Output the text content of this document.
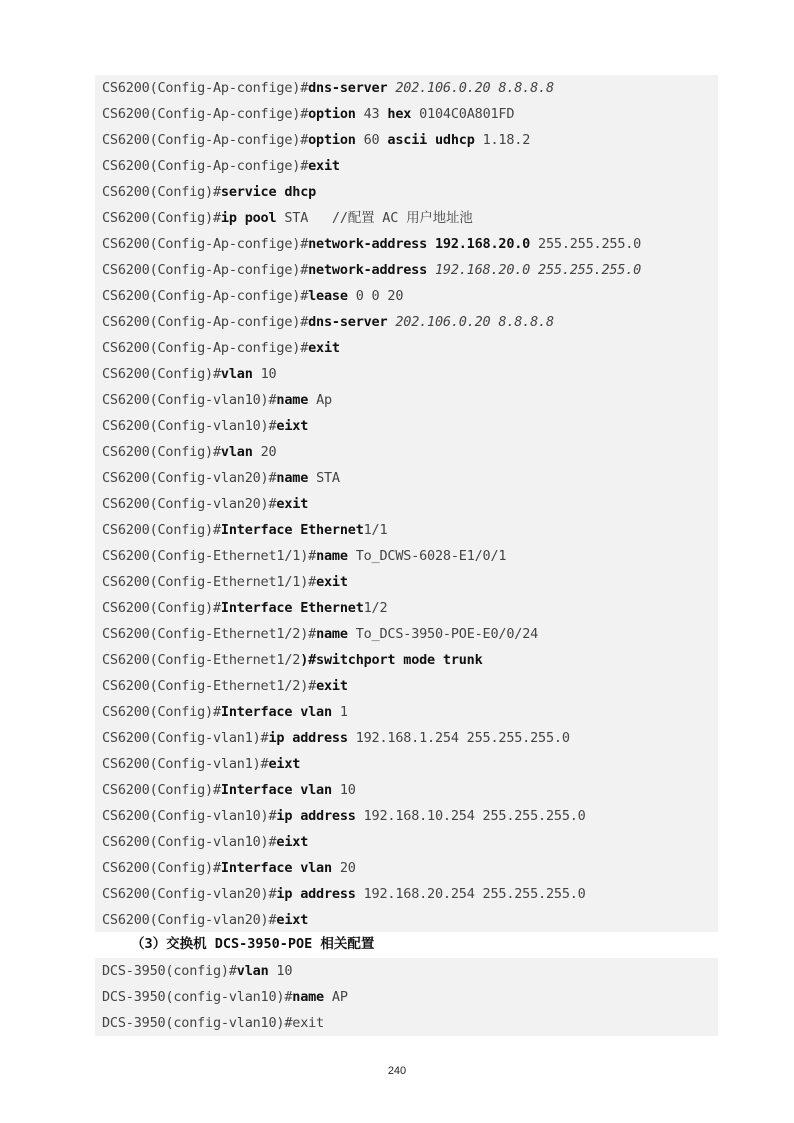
CS6200(Config-Ap-configе)#dns-server 202.106.0.20 8.8.8.8
CS6200(Config-Ap-configе)#option 43 hex 0104C0A801FD
CS6200(Config-Ap-configе)#option 60 ascii udhcp 1.18.2
CS6200(Config-Ap-configе)#exit
CS6200(Config)#service dhcp
CS6200(Config)#ip pool STA   //配置 AC 用户地址池
CS6200(Config-Ap-configе)#network-address 192.168.20.0 255.255.255.0
CS6200(Config-Ap-configе)#network-address 192.168.20.0 255.255.255.0
CS6200(Config-Ap-configе)#lease 0 0 20
CS6200(Config-Ap-configе)#dns-server 202.106.0.20 8.8.8.8
CS6200(Config-Ap-configе)#exit
CS6200(Config)#vlan 10
CS6200(Config-vlan10)#name Ap
CS6200(Config-vlan10)#eixt
CS6200(Config)#vlan 20
CS6200(Config-vlan20)#name STA
CS6200(Config-vlan20)#exit
CS6200(Config)#Interface Ethernet1/1
CS6200(Config-Ethernet1/1)#name To_DCWS-6028-E1/0/1
CS6200(Config-Ethernet1/1)#exit
CS6200(Config)#Interface Ethernet1/2
CS6200(Config-Ethernet1/2)#name To_DCS-3950-POE-E0/0/24
CS6200(Config-Ethernet1/2)#switchport mode trunk
CS6200(Config-Ethernet1/2)#exit
CS6200(Config)#Interface vlan 1
CS6200(Config-vlan1)#ip address 192.168.1.254 255.255.255.0
CS6200(Config-vlan1)#eixt
CS6200(Config)#Interface vlan 10
CS6200(Config-vlan10)#ip address 192.168.10.254 255.255.255.0
CS6200(Config-vlan10)#eixt
CS6200(Config)#Interface vlan 20
CS6200(Config-vlan20)#ip address 192.168.20.254 255.255.255.0
CS6200(Config-vlan20)#eixt
（3）交换机 DCS-3950-POE 相关配置
DCS-3950(config)#vlan 10
DCS-3950(config-vlan10)#name AP
DCS-3950(config-vlan10)#exit
240
